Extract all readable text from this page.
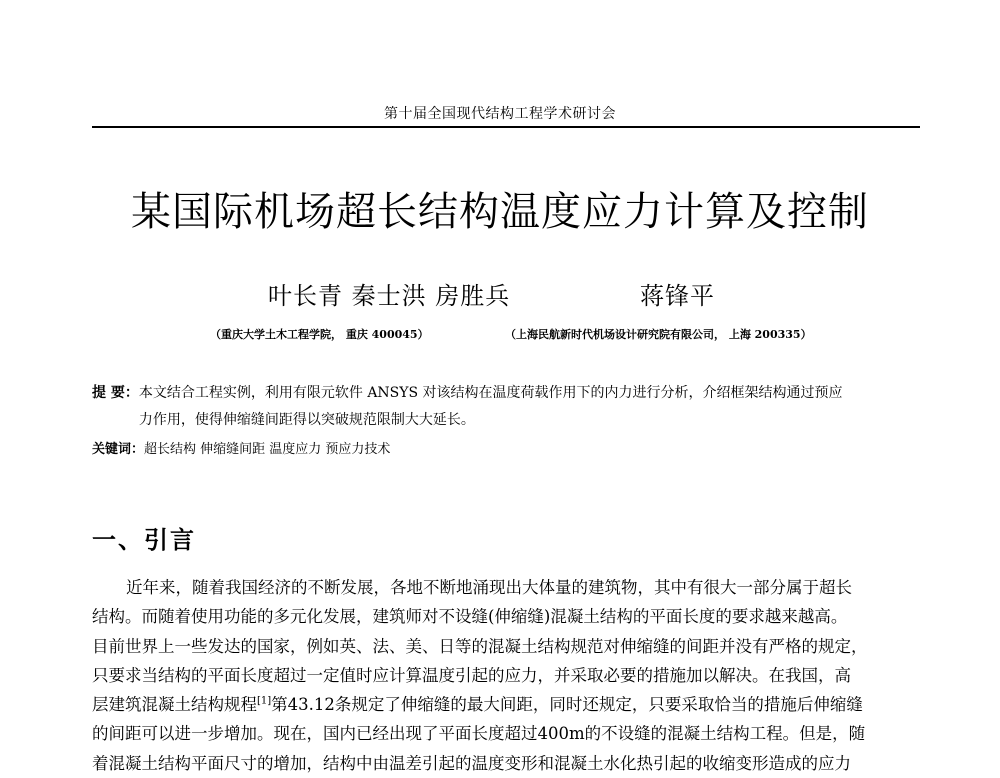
第十届全国现代结构工程学术研讨会
某国际机场超长结构温度应力计算及控制
叶长青 秦士洪 房胜兵	蒋锋平
（重庆大学土木工程学院， 重庆 400045）	（上海民航新时代机场设计研究院有限公司， 上海 200335）
提 要： 本文结合工程实例，利用有限元软件 ANSYS 对该结构在温度荷载作用下的内力进行分析，介绍框架结构通过预应
力作用，使得伸缩缝间距得以突破规范限制大大延长。
关键词：超长结构 伸缩缝间距 温度应力 预应力技术
一、引言
近年来，随着我国经济的不断发展，各地不断地涌现出大体量的建筑物，其中有很大一部分属于超长
结构。而随着使用功能的多元化发展，建筑师对不设缝(伸缩缝)混凝土结构的平面长度的要求越来越高。
目前世界上一些发达的国家，例如英、法、美、日等的混凝土结构规范对伸缩缝的间距并没有严格的规定，
只要求当结构的平面长度超过一定值时应计算温度引起的应力，并采取必要的措施加以解决。在我国，高
层建筑混凝土结构规程[1]第43.12条规定了伸缩缝的最大间距，同时还规定，只要采取恰当的措施后伸缩缝
的间距可以进一步增加。现在，国内已经出现了平面长度超过400m的不设缝的混凝土结构工程。但是，随
着混凝土结构平面尺寸的增加，结构中由温差引起的温度变形和混凝土水化热引起的收缩变形造成的应力
